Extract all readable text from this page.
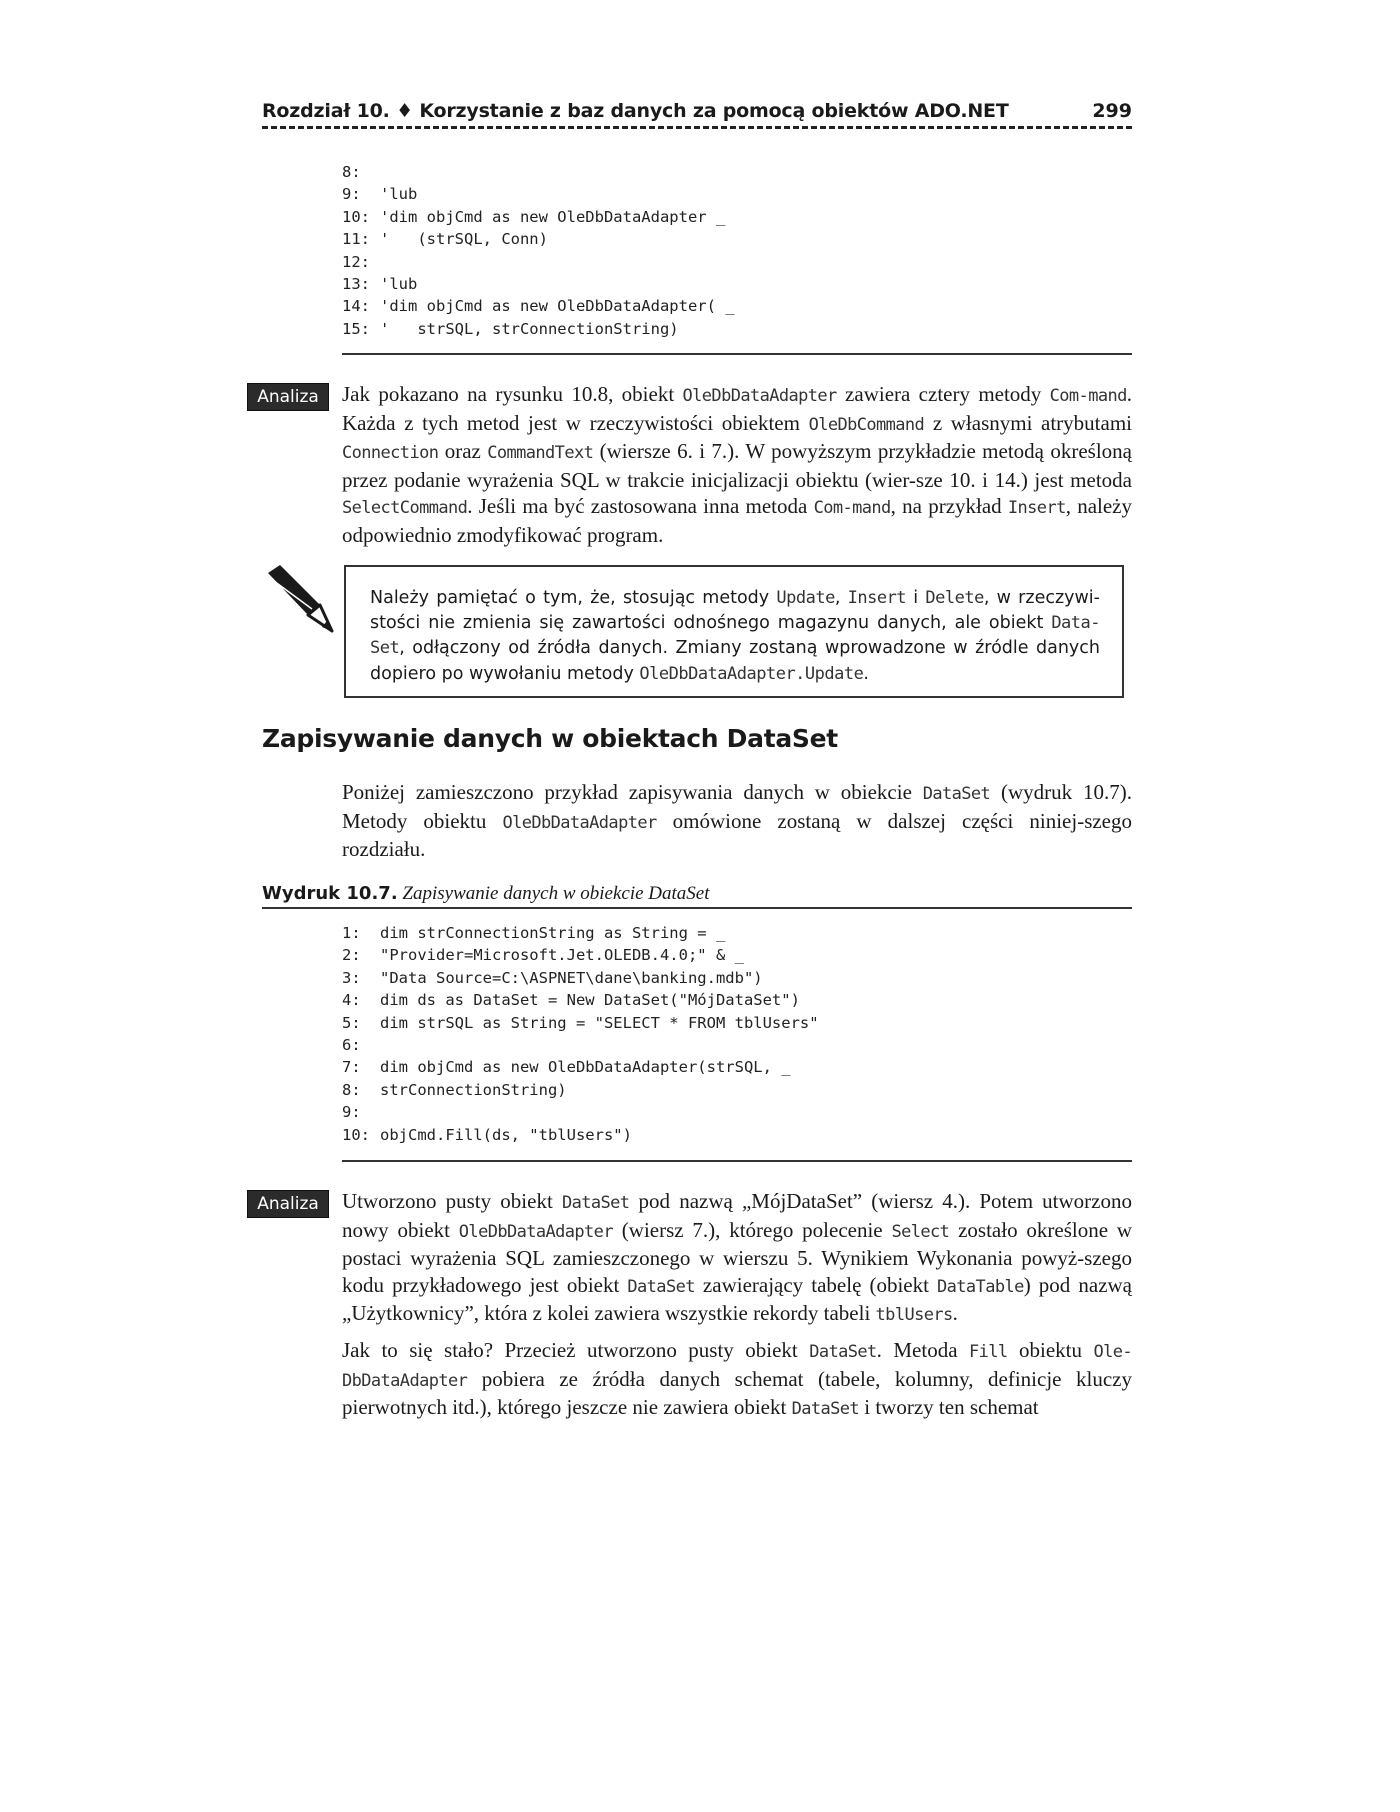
Rozdział 10. ♦ Korzystanie z baz danych za pomocą obiektów ADO.NET	299
8:
9: 'lub
10: 'dim objCmd as new OleDbDataAdapter _
11: '   (strSQL, Conn)
12:
13: 'lub
14: 'dim objCmd as new OleDbDataAdapter( _
15: '   strSQL, strConnectionString)
Analiza	Jak pokazano na rysunku 10.8, obiekt OleDbDataAdapter zawiera cztery metody Com-mand. Każda z tych metod jest w rzeczywistości obiektem OleDbCommand z własnymi atrybutami Connection oraz CommandText (wiersze 6. i 7.). W powyższym przykładzie metodą określoną przez podanie wyrażenia SQL w trakcie inicjalizacji obiektu (wier-sze 10. i 14.) jest metoda SelectCommand. Jeśli ma być zastosowana inna metoda Com-mand, na przykład Insert, należy odpowiednio zmodyfikować program.

Należy pamiętać o tym, że, stosując metody Update, Insert i Delete, w rzeczywi-stości nie zmienia się zawartości odnośnego magazynu danych, ale obiekt Data-Set, odłączony od źródła danych. Zmiany zostaną wprowadzone w źródle danych dopiero po wywołaniu metody OleDbDataAdapter.Update.
Zapisywanie danych w obiektach DataSet

Poniżej zamieszczono przykład zapisywania danych w obiekcie DataSet (wydruk 10.7). Metody obiektu OleDbDataAdapter omówione zostaną w dalszej części niniej-szego rozdziału.

Wydruk 10.7. Zapisywanie danych w obiekcie DataSet
1: dim strConnectionString as String = _
2: "Provider=Microsoft.Jet.OLEDB.4.0;" & _
3: "Data Source=C:\ASPNET\dane\banking.mdb")
4: dim ds as DataSet = New DataSet("MójDataSet")
5: dim strSQL as String = "SELECT * FROM tblUsers"
6:
7: dim objCmd as new OleDbDataAdapter(strSQL, _
8: strConnectionString)
9:
10: objCmd.Fill(ds, "tblUsers")
Analiza	Utworzono pusty obiekt DataSet pod nazwą „MójDataSet” (wiersz 4.). Potem utworzono nowy obiekt OleDbDataAdapter (wiersz 7.), którego polecenie Select zostało określone w postaci wyrażenia SQL zamieszczonego w wierszu 5. Wynikiem Wykonania powyż-szego kodu przykładowego jest obiekt DataSet zawierający tabelę (obiekt DataTable) pod nazwą „Użytkownicy”, która z kolei zawiera wszystkie rekordy tabeli tblUsers.

Jak to się stało? Przecież utworzono pusty obiekt DataSet. Metoda Fill obiektu Ole-DbDataAdapter pobiera ze źródła danych schemat (tabele, kolumny, definicje kluczy pierwotnych itd.), którego jeszcze nie zawiera obiekt DataSet i tworzy ten schemat
